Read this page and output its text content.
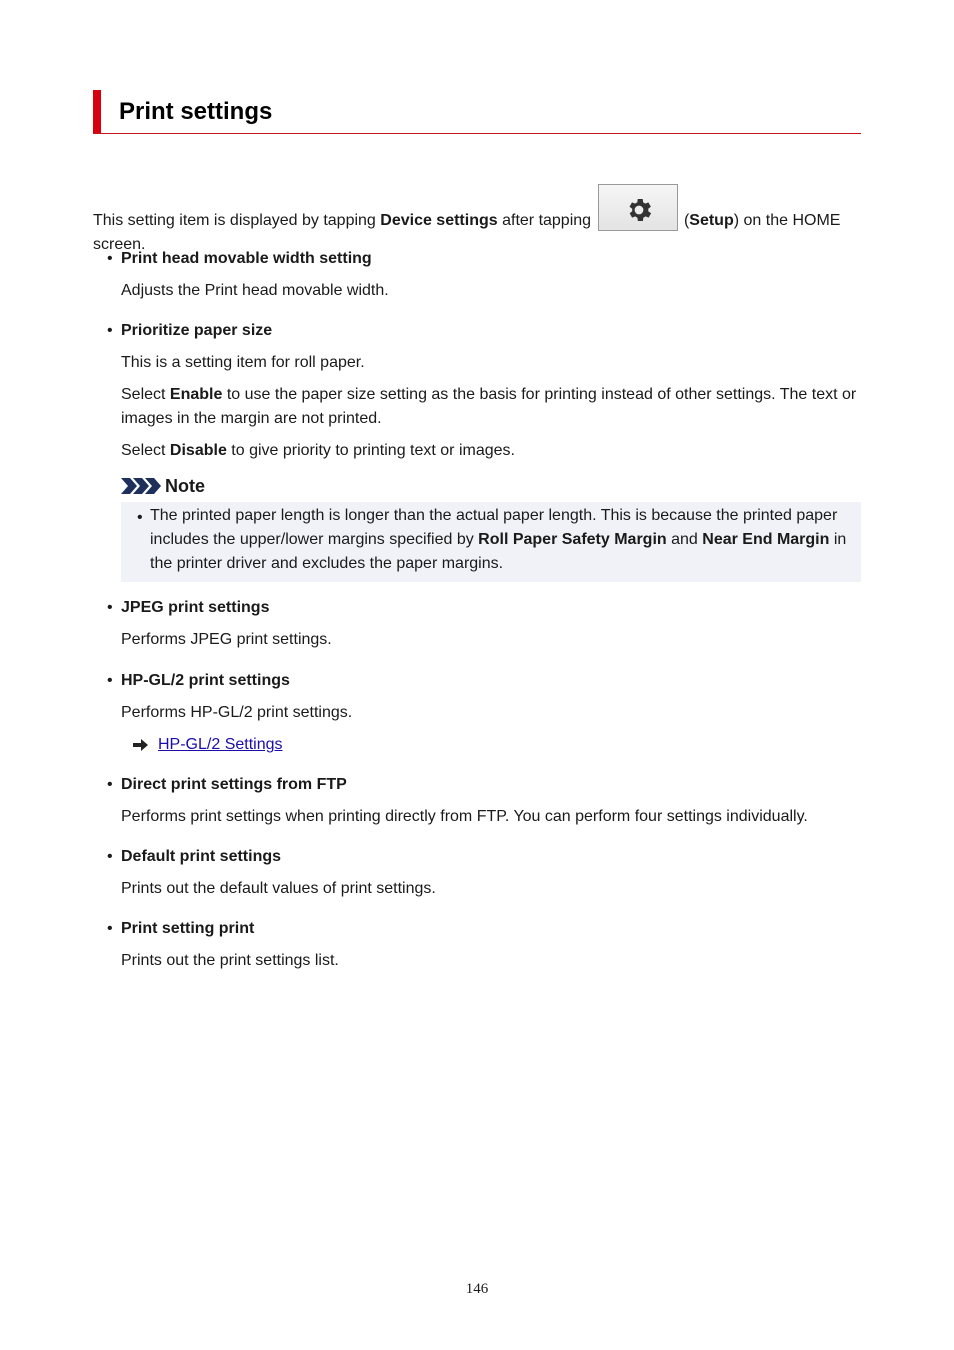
Print settings

This setting item is displayed by tapping Device settings after tapping	(Setup) on the HOME screen.

• Print head movable width setting

Adjusts the Print head movable width.

• Prioritize paper size

This is a setting item for roll paper.

Select Enable to use the paper size setting as the basis for printing instead of other settings. The text or images in the margin are not printed.

Select Disable to give priority to printing text or images.

Note
• The printed paper length is longer than the actual paper length. This is because the printed paper includes the upper/lower margins specified by Roll Paper Safety Margin and Near End Margin in the printer driver and excludes the paper margins.

• JPEG print settings

Performs JPEG print settings.

• HP-GL/2 print settings

Performs HP-GL/2 print settings.

HP-GL/2 Settings
• Direct print settings from FTP

Performs print settings when printing directly from FTP. You can perform four settings individually.

• Default print settings

Prints out the default values of print settings.

• Print setting print

Prints out the print settings list.

146
